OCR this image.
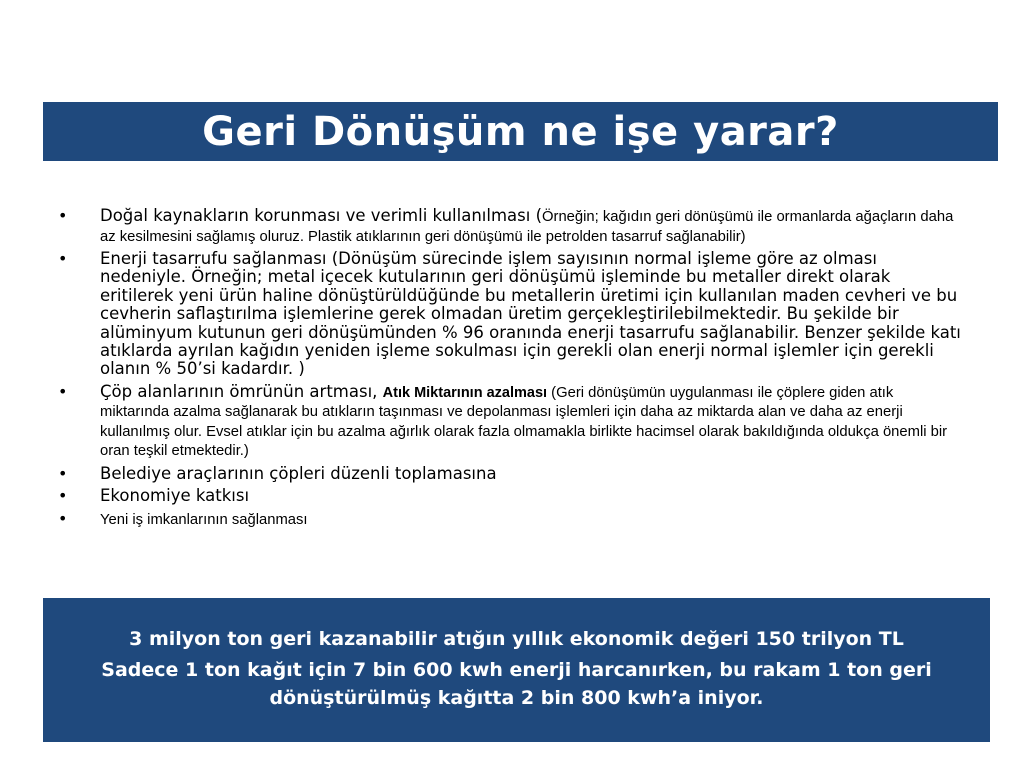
Geri Dönüşüm ne işe yarar?
•	Doğal kaynakların korunması ve verimli kullanılması (Örneğin; kağıdın geri dönüşümü ile ormanlarda ağaçların daha az kesilmesini sağlamış oluruz. Plastik atıklarının geri dönüşümü ile petrolden tasarruf sağlanabilir)
•	Enerji tasarrufu sağlanması (Dönüşüm sürecinde işlem sayısının normal işleme göre az olması nedeniyle. Örneğin; metal içecek kutularının geri dönüşümü işleminde bu metaller direkt olarak eritilerek yeni ürün haline dönüştürüldüğünde bu metallerin üretimi için kullanılan maden cevheri ve bu cevherin saflaştırılma işlemlerine gerek olmadan üretim gerçekleştirilebilmektedir. Bu şekilde bir alüminyum kutunun geri dönüşümünden % 96 oranında enerji tasarrufu sağlanabilir. Benzer şekilde katı atıklarda ayrılan kağıdın yeniden işleme sokulması için gerekli olan enerji normal işlemler için gerekli olanın % 50’si kadardır. )
•	Çöp alanlarının ömrünün artması, Atık Miktarının azalması (Geri dönüşümün uygulanması ile çöplere giden atık miktarında azalma sağlanarak bu atıkların taşınması ve depolanması işlemleri için daha az miktarda alan ve daha az enerji kullanılmış olur. Evsel atıklar için bu azalma ağırlık olarak fazla olmamakla birlikte hacimsel olarak bakıldığında oldukça önemli bir oran teşkil etmektedir.)
•	Belediye araçlarının çöpleri düzenli toplamasına
•	Ekonomiye katkısı
•	Yeni iş imkanlarının sağlanması

3 milyon ton geri kazanabilir atığın yıllık ekonomik değeri 150 trilyon TL

Sadece 1 ton kağıt için 7 bin 600 kwh enerji harcanırken, bu rakam 1 ton geri dönüştürülmüş kağıtta 2 bin 800 kwh’a iniyor.
